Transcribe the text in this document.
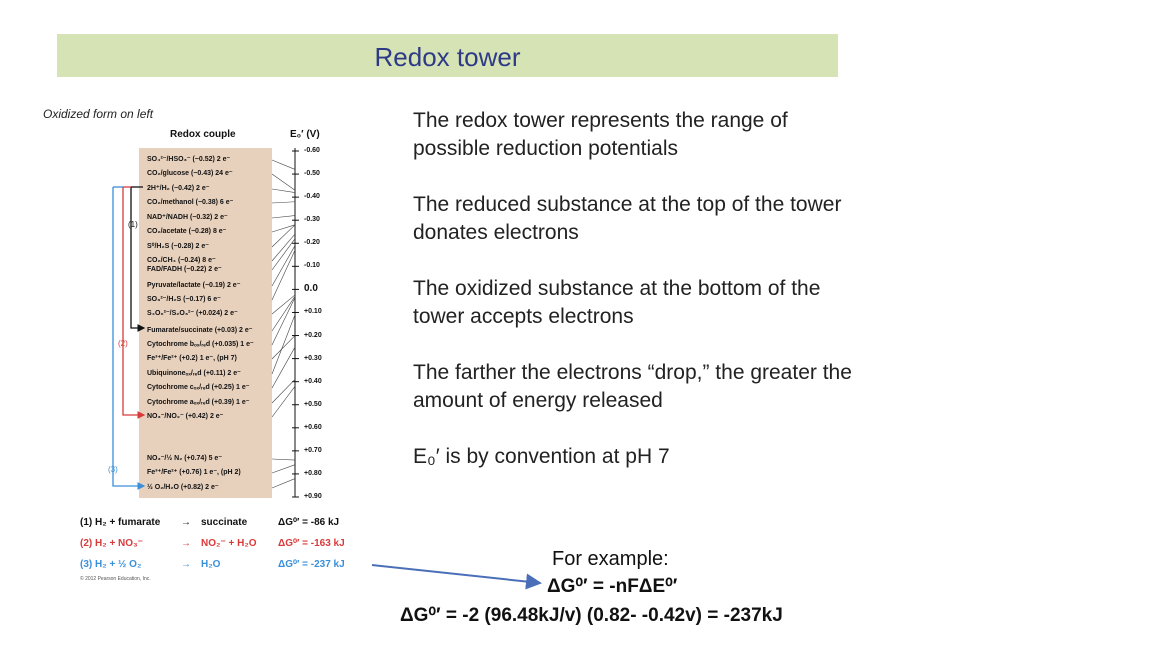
Redox tower
Oxidized form on left
Redox couple	E₀′ (V)
SO₄²⁻/HSO₃⁻ (−0.52) 2 e⁻
CO₂/glucose (−0.43) 24 e⁻
2H⁺/H₂ (−0.42) 2 e⁻
CO₂/methanol (−0.38) 6 e⁻
NAD⁺/NADH (−0.32) 2 e⁻
CO₂/acetate (−0.28) 8 e⁻
S⁰/H₂S (−0.28) 2 e⁻
CO₂/CH₄ (−0.24) 8 e⁻
FAD/FADH (−0.22) 2 e⁻
Pyruvate/lactate (−0.19) 2 e⁻
SO₃²⁻/H₂S (−0.17) 6 e⁻
S₄O₆²⁻/S₂O₃²⁻ (+0.024) 2 e⁻
Fumarate/succinate (+0.03) 2 e⁻
Cytochrome bₒₓ/ᵣₑd (+0.035) 1 e⁻
Fe³⁺/Fe²⁺ (+0.2) 1 e⁻, (pH 7)
Ubiquinoneₒₓ/ᵣₑd (+0.11) 2 e⁻
Cytochrome cₒₓ/ᵣₑd (+0.25) 1 e⁻
Cytochrome aₒₓ/ᵣₑd (+0.39) 1 e⁻
NO₃⁻/NO₂⁻ (+0.42) 2 e⁻
NO₃⁻/½ N₂ (+0.74) 5 e⁻
Fe³⁺/Fe²⁺ (+0.76) 1 e⁻, (pH 2)
½ O₂/H₂O (+0.82) 2 e⁻
-0.60
-0.50
-0.40
-0.30
-0.20
-0.10
0.0
+0.10
+0.20
+0.30
+0.40
+0.50
+0.60
+0.70
+0.80
+0.90
(1)
(2)
(3)
(1) H₂ + fumarate → succinate	ΔG⁰′ = -86 kJ
(2) H₂ + NO₃⁻	→ NO₂⁻ + H₂O ΔG⁰′ = -163 kJ
(3) H₂ + ½ O₂	→ H₂O	ΔG⁰′ = -237 kJ
© 2012 Pearson Education, Inc.
The redox tower represents the range of possible reduction potentials
The reduced substance at the top of the tower donates electrons
The oxidized substance at the bottom of the tower accepts electrons
The farther the electrons “drop,” the greater the amount of energy released
E₀′ is by convention at pH 7
For example:
ΔG⁰′ = -nFΔE⁰′
ΔG⁰′ = -2 (96.48kJ/v) (0.82- -0.42v) = -237kJ
